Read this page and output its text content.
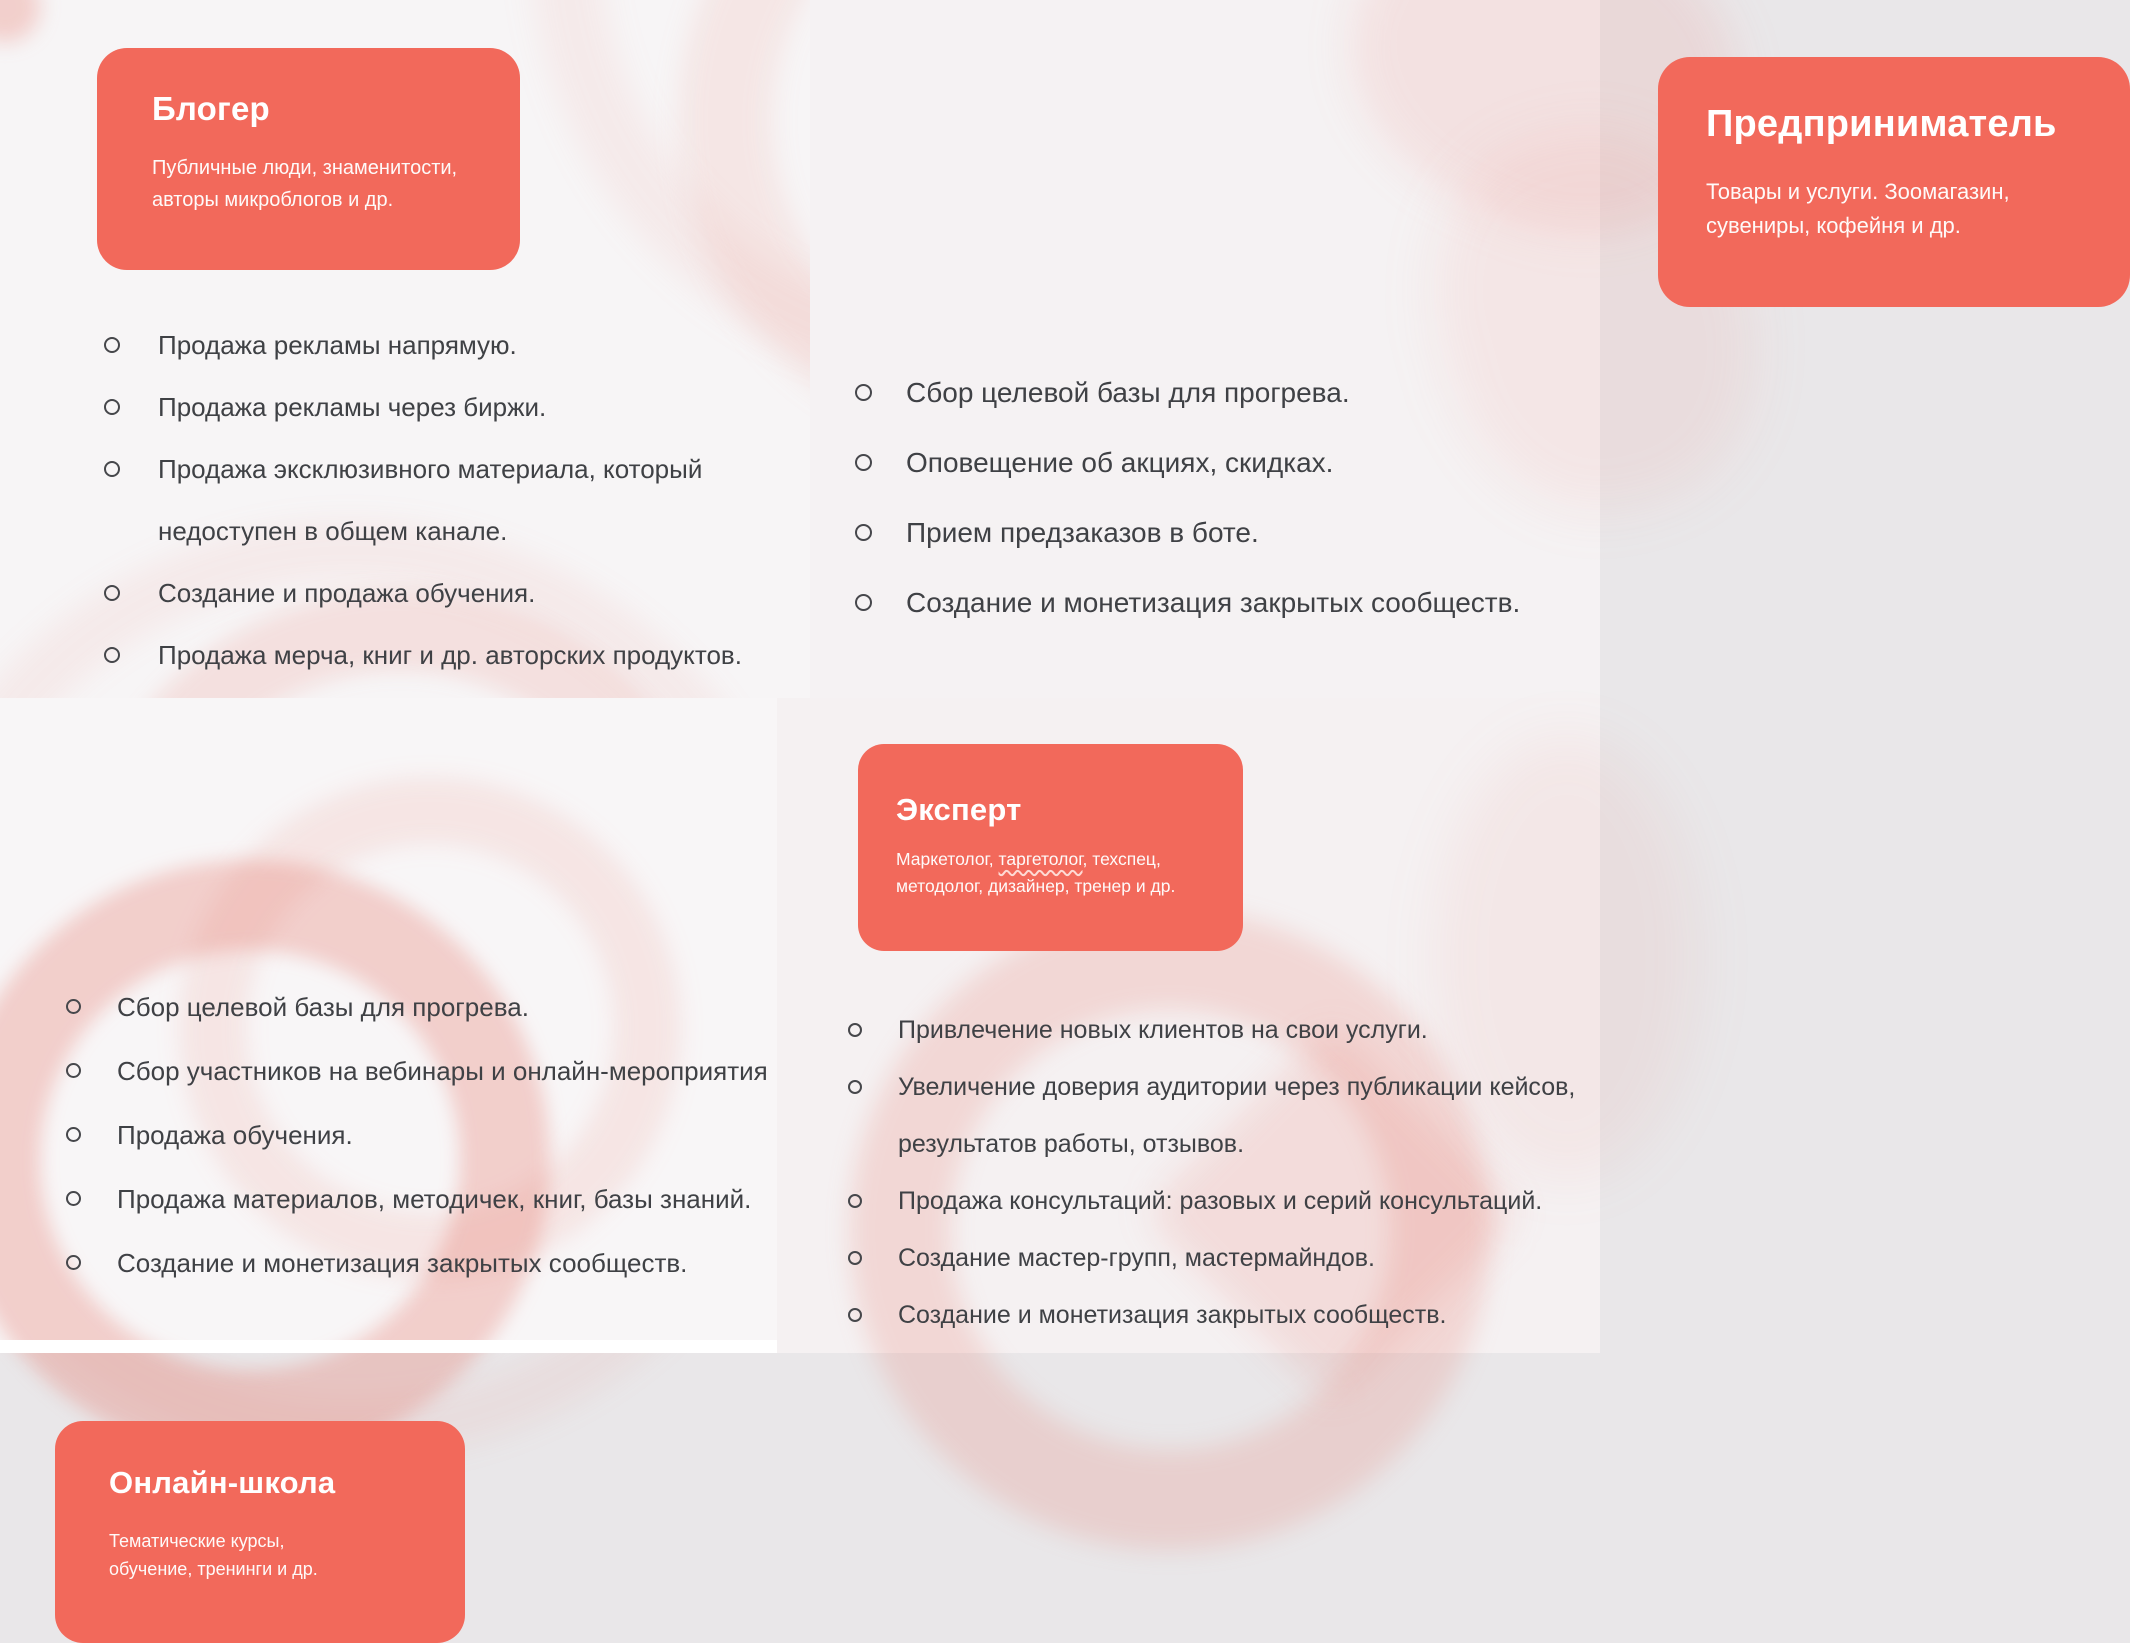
Блогер
Публичные люди, знаменитости,
авторы микроблогов и др.
Продажа рекламы напрямую.
Продажа рекламы через биржи.
Продажа эксклюзивного материала, который недоступен в общем канале.
Создание и продажа обучения.
Продажа мерча, книг и др. авторских продуктов.
Предприниматель
Товары и услуги. Зоомагазин,
сувениры, кофейня и др.
Сбор целевой базы для прогрева.
Оповещение об акциях, скидках.
Прием предзаказов в боте.
Создание и монетизация закрытых сообществ.
Онлайн-школа
Тематические курсы,
обучение, тренинги и др.
Сбор целевой базы для прогрева.
Сбор участников на вебинары и онлайн-мероприятия
Продажа обучения.
Продажа материалов, методичек, книг, базы знаний.
Создание и монетизация закрытых сообществ.
Эксперт
Маркетолог, таргетолог, техспец,
методолог, дизайнер, тренер и др.
Привлечение новых клиентов на свои услуги.
Увеличение доверия аудитории через публикации кейсов, результатов работы, отзывов.
Продажа консультаций: разовых и серий консультаций.
Создание мастер-групп, мастермайндов.
Создание и монетизация закрытых сообществ.
